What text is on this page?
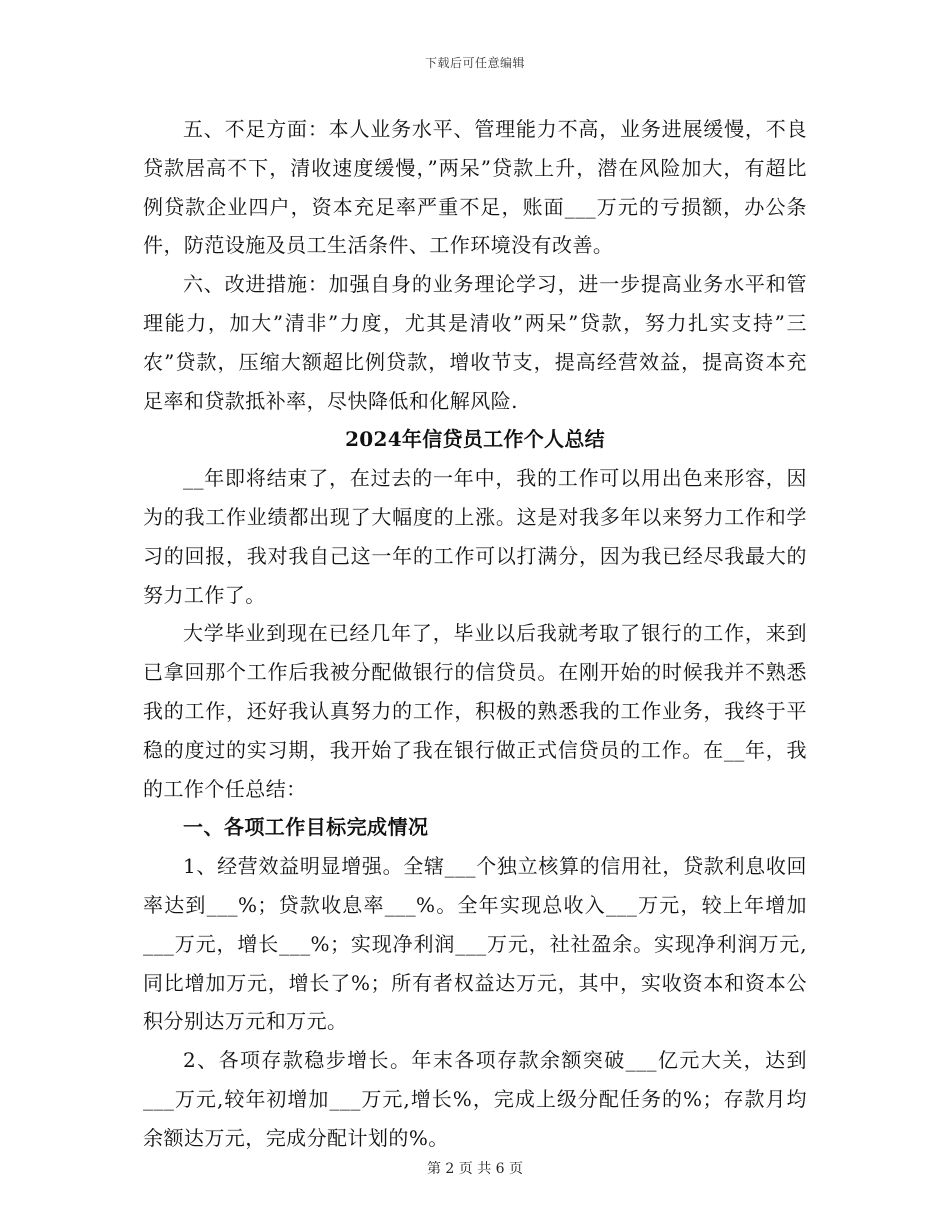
下载后可任意编辑

五、不足方面：本人业务水平、管理能力不高，业务进展缓慢，不良贷款居高不下，清收速度缓慢，”两呆”贷款上升，潜在风险加大，有超比例贷款企业四户，资本充足率严重不足，账面___万元的亏损额，办公条件，防范设施及员工生活条件、工作环境没有改善。

六、改进措施：加强自身的业务理论学习，进一步提高业务水平和管理能力，加大”清非”力度，尤其是清收”两呆”贷款，努力扎实支持”三农”贷款，压缩大额超比例贷款，增收节支，提高经营效益，提高资本充足率和贷款抵补率，尽快降低和化解风险.

2024年信贷员工作个人总结

__年即将结束了，在过去的一年中，我的工作可以用出色来形容，因为的我工作业绩都出现了大幅度的上涨。这是对我多年以来努力工作和学习的回报，我对我自己这一年的工作可以打满分，因为我已经尽我最大的努力工作了。

大学毕业到现在已经几年了，毕业以后我就考取了银行的工作，来到已拿回那个工作后我被分配做银行的信贷员。在刚开始的时候我并不熟悉我的工作，还好我认真努力的工作，积极的熟悉我的工作业务，我终于平稳的度过的实习期，我开始了我在银行做正式信贷员的工作。在__年，我的工作个任总结：

一、各项工作目标完成情况

1、经营效益明显增强。全辖___个独立核算的信用社，贷款利息收回率达到___%；贷款收息率___%。全年实现总收入___万元，较上年增加___万元，增长___%；实现净利润___万元，社社盈余。实现净利润万元,同比增加万元，增长了%；所有者权益达万元，其中，实收资本和资本公积分别达万元和万元。

2、各项存款稳步增长。年末各项存款余额突破___亿元大关，达到___万元,较年初增加___万元,增长%，完成上级分配任务的%；存款月均余额达万元，完成分配计划的%。

第 2 页 共 6 页
